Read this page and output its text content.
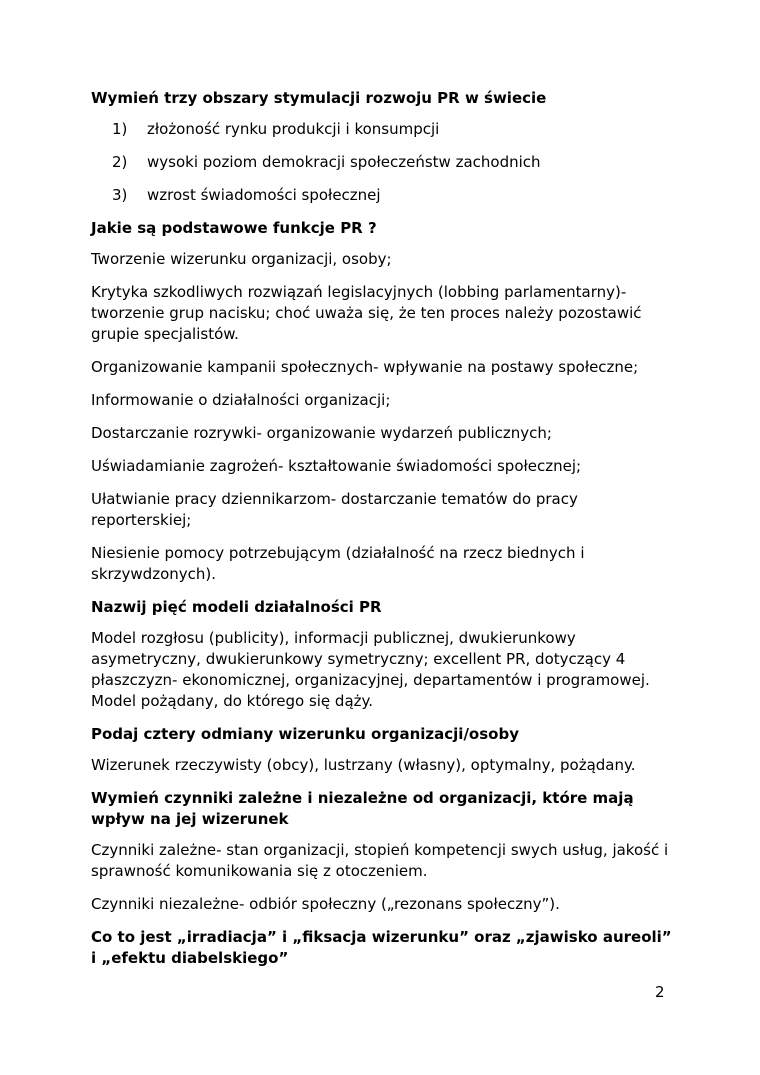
Wymień trzy obszary stymulacji rozwoju PR w świecie
1)	złożoność rynku produkcji i konsumpcji
2)	wysoki poziom demokracji społeczeństw zachodnich
3)	wzrost świadomości społecznej
Jakie są podstawowe funkcje PR ?

Tworzenie wizerunku organizacji, osoby;

Krytyka szkodliwych rozwiązań legislacyjnych (lobbing parlamentarny)- tworzenie grup nacisku; choć uważa się, że ten proces należy pozostawić grupie specjalistów.

Organizowanie kampanii społecznych- wpływanie na postawy społeczne;

Informowanie o działalności organizacji;

Dostarczanie rozrywki- organizowanie wydarzeń publicznych;

Uświadamianie zagrożeń- kształtowanie świadomości społecznej;

Ułatwianie pracy dziennikarzom- dostarczanie tematów do pracy reporterskiej;

Niesienie pomocy potrzebującym (działalność na rzecz biednych i skrzywdzonych).

Nazwij pięć modeli działalności PR

Model rozgłosu (publicity), informacji publicznej, dwukierunkowy asymetryczny, dwukierunkowy symetryczny; excellent PR, dotyczący 4 płaszczyzn- ekonomicznej, organizacyjnej, departamentów i programowej. Model pożądany, do którego się dąży.

Podaj cztery odmiany wizerunku organizacji/osoby

Wizerunek rzeczywisty (obcy), lustrzany (własny), optymalny, pożądany.

Wymień czynniki zależne i niezależne od organizacji, które mają wpływ na jej wizerunek

Czynniki zależne- stan organizacji, stopień kompetencji swych usług, jakość i sprawność komunikowania się z otoczeniem.

Czynniki niezależne- odbiór społeczny („rezonans społeczny”).

Co to jest „irradiacja” i „fiksacja wizerunku” oraz „zjawisko aureoli” i „efektu diabelskiego”
2
